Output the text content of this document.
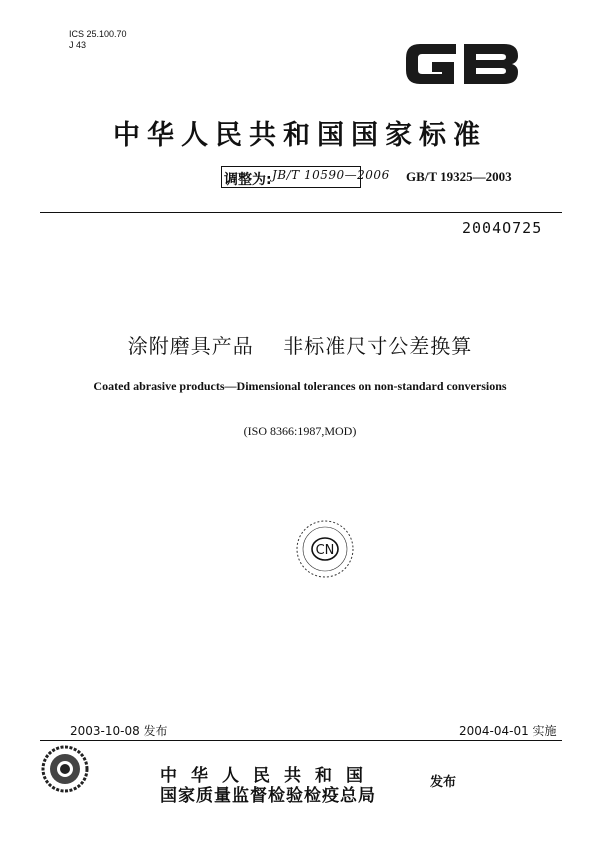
ICS 25.100.70
J 43
GB
中华人民共和国国家标准
调整为: JB/T 10590—2006 GB/T 19325—2003
2004O725
涂附磨具产品    非标准尺寸公差换算
Coated abrasive products—Dimensional tolerances on non-standard conversions
(ISO 8366:1987,MOD)
CN
2003-10-08 发布	2004-04-01 实施
中华人民共和国
国家质量监督检验检疫总局
发布
